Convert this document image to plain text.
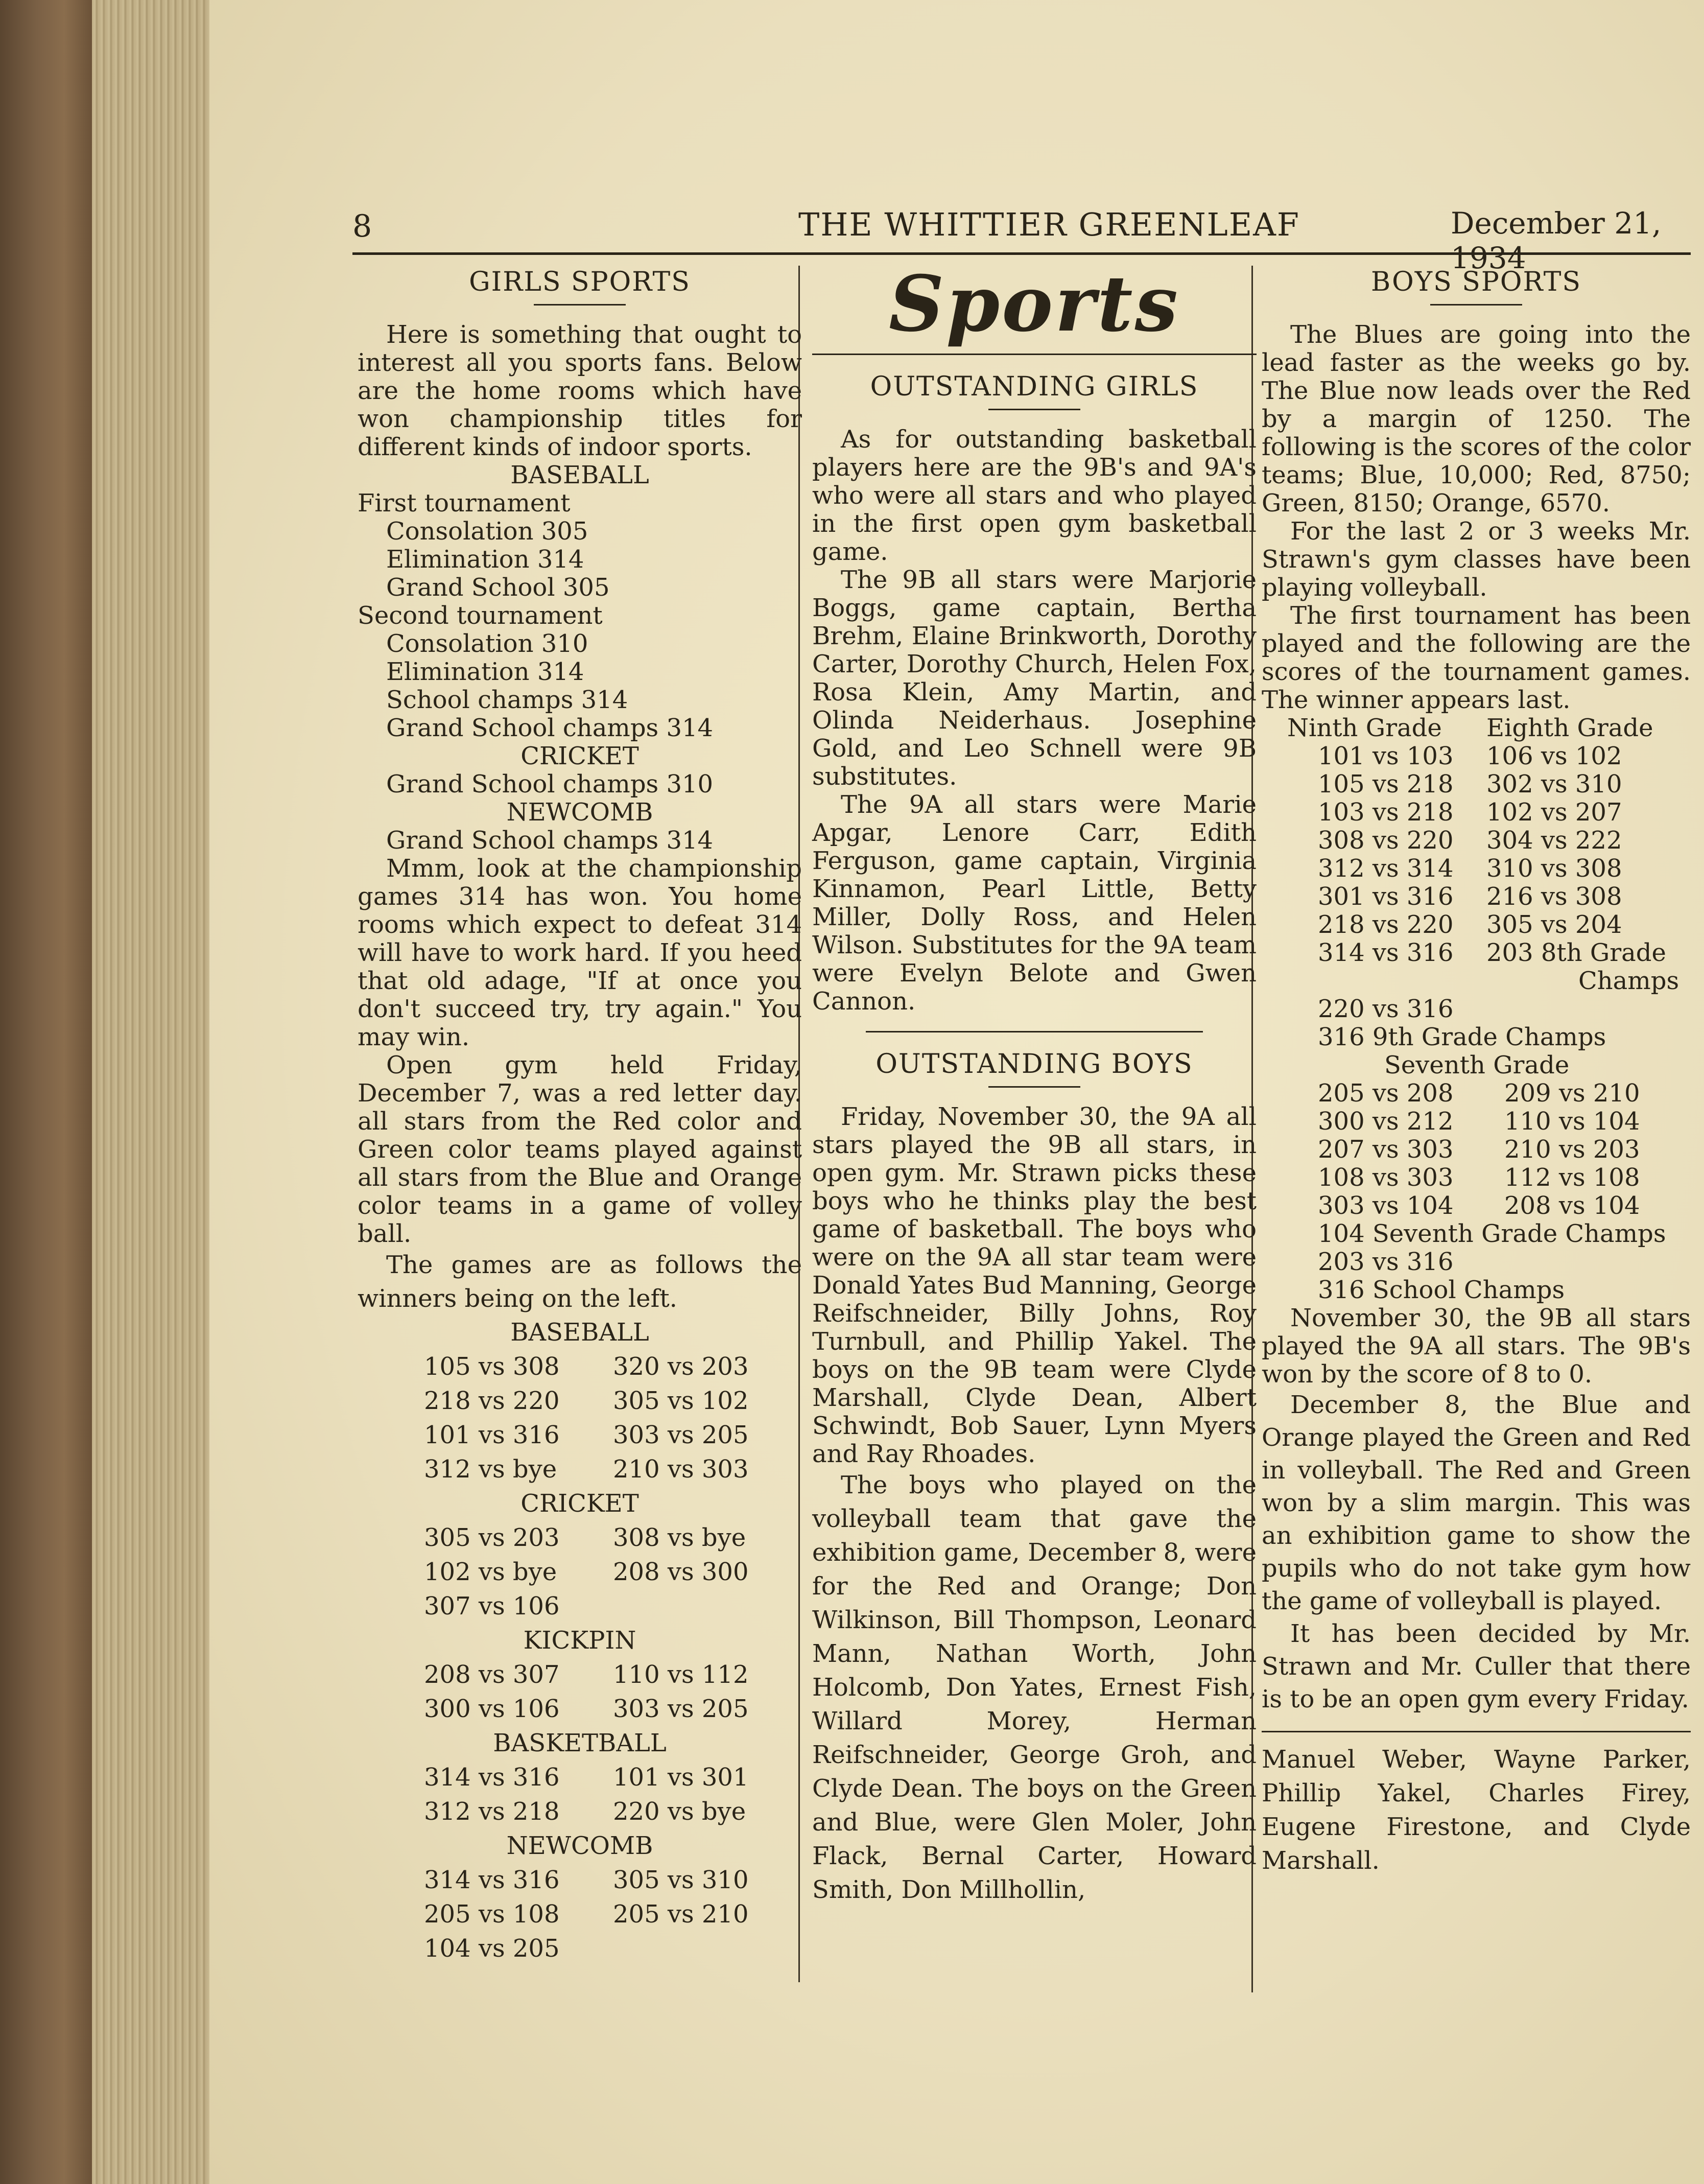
8	THE WHITTIER GREENLEAF	December 21, 1934
GIRLS SPORTS

Here is something that ought to interest all you sports fans. Below are the home rooms which have won championship titles for different kinds of indoor sports.

BASEBALL
First tournament
Consolation 305
Elimination 314
Grand School 305
Second tournament
Consolation 310
Elimination 314
School champs 314
Grand School champs 314
CRICKET
Grand School champs 310
NEWCOMB
Grand School champs 314

Mmm, look at the championship games 314 has won. You home rooms which expect to defeat 314 will have to work hard. If you heed that old adage, "If at once you don't succeed try, try again." You may win.

Open gym held Friday, December 7, was a red letter day. all stars from the Red color and Green color teams played against all stars from the Blue and Orange color teams in a game of volley ball.

The games are as follows the winners being on the left.

BASEBALL
105 vs 308	320 vs 203
218 vs 220	305 vs 102
101 vs 316	303 vs 205
312 vs bye	210 vs 303
CRICKET
305 vs 203	308 vs bye
102 vs bye	208 vs 300
307 vs 106
KICKPIN
208 vs 307	110 vs 112
300 vs 106	303 vs 205
BASKETBALL
314 vs 316	101 vs 301
312 vs 218	220 vs bye
NEWCOMB
314 vs 316	305 vs 310
205 vs 108	205 vs 210
104 vs 205
Sports
OUTSTANDING GIRLS

As for outstanding basketball players here are the 9B's and 9A's who were all stars and who played in the first open gym basketball game.

The 9B all stars were Marjorie Boggs, game captain, Bertha Brehm, Elaine Brinkworth, Dorothy Carter, Dorothy Church, Helen Fox, Rosa Klein, Amy Martin, and Olinda Neiderhaus. Josephine Gold, and Leo Schnell were 9B substitutes.

The 9A all stars were Marie Apgar, Lenore Carr, Edith Ferguson, game captain, Virginia Kinnamon, Pearl Little, Betty Miller, Dolly Ross, and Helen Wilson. Substitutes for the 9A team were Evelyn Belote and Gwen Cannon.

OUTSTANDING BOYS

Friday, November 30, the 9A all stars played the 9B all stars, in open gym. Mr. Strawn picks these boys who he thinks play the best game of basketball. The boys who were on the 9A all star team were Donald Yates Bud Manning, George Reifschneider, Billy Johns, Roy Turnbull, and Phillip Yakel. The boys on the 9B team were Clyde Marshall, Clyde Dean, Albert Schwindt, Bob Sauer, Lynn Myers and Ray Rhoades.

The boys who played on the volleyball team that gave the exhibition game, December 8, were for the Red and Orange; Don Wilkinson, Bill Thompson, Leonard Mann, Nathan Worth, John Holcomb, Don Yates, Ernest Fish, Willard Morey, Herman Reifschneider, George Groh, and Clyde Dean. The boys on the Green and Blue, were Glen Moler, John Flack, Bernal Carter, Howard Smith, Don Millhollin,

BOYS SPORTS

The Blues are going into the lead faster as the weeks go by. The Blue now leads over the Red by a margin of 1250. The following is the scores of the color teams; Blue, 10,000; Red, 8750; Green, 8150; Orange, 6570.

For the last 2 or 3 weeks Mr. Strawn's gym classes have been playing volleyball.

The first tournament has been played and the following are the scores of the tournament games. The winner appears last.

Ninth Grade	Eighth Grade
101 vs 103	106 vs 102
105 vs 218	302 vs 310
103 vs 218	102 vs 207
308 vs 220	304 vs 222
312 vs 314	310 vs 308
301 vs 316	216 vs 308
218 vs 220	305 vs 204
314 vs 316	203 8th Grade
Champs
220 vs 316
316 9th Grade Champs
Seventh Grade
205 vs 208	209 vs 210
300 vs 212	110 vs 104
207 vs 303	210 vs 203
108 vs 303	112 vs 108
303 vs 104	208 vs 104
104 Seventh Grade Champs
203 vs 316
316 School Champs

November 30, the 9B all stars played the 9A all stars. The 9B's won by the score of 8 to 0.

December 8, the Blue and Orange played the Green and Red in volleyball. The Red and Green won by a slim margin. This was an exhibition game to show the pupils who do not take gym how the game of volleyball is played.

It has been decided by Mr. Strawn and Mr. Culler that there is to be an open gym every Friday.

Manuel Weber, Wayne Parker, Phillip Yakel, Charles Firey, Eugene Firestone, and Clyde Marshall.
